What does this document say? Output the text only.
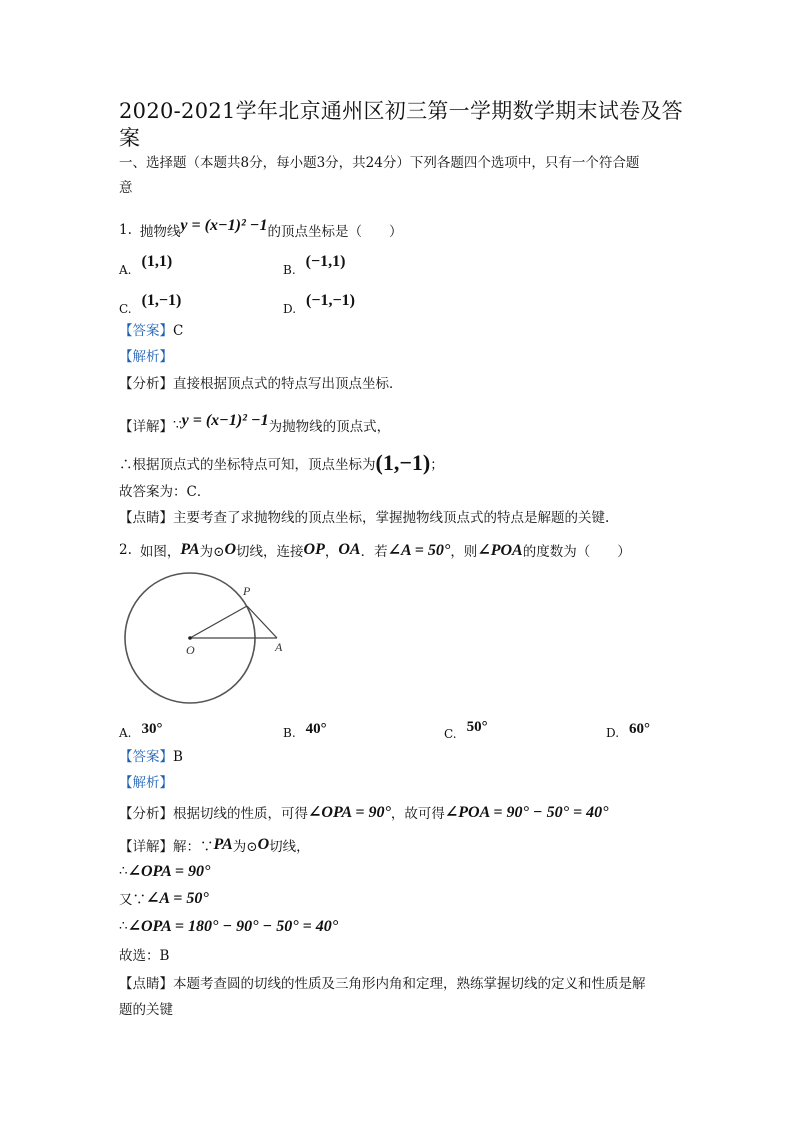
2020-2021学年北京通州区初三第一学期数学期末试卷及答
案
一、选择题（本题共8分，每小题3分，共24分）下列各题四个选项中，只有一个符合题
意
1. 抛物线 y = (x−1)² −1 的顶点坐标是（　　）
A. (1,1)	B. (−1,1)
C. (1,−1)	D. (−1,−1)
【答案】C
【解析】
【分析】直接根据顶点式的特点写出顶点坐标．
【详解】 ∵ y = (x−1)² −1 为抛物线的顶点式，
∴根据顶点式的坐标特点可知，顶点坐标为 (1,−1) ；
故答案为：C．
【点睛】主要考查了求抛物线的顶点坐标，掌握抛物线顶点式的特点是解题的关键.
2. 如图， PA 为⊙ O 切线，连接 OP ， OA ．若 ∠A = 50° ，则 ∠POA 的度数为（　　）
P
O	A
A. 30°	B. 40°	C. 50°	D. 60°
【答案】B
【解析】
【分析】 根据切线的性质，可得 ∠OPA = 90° ，故可得 ∠POA = 90° − 50° = 40°
【详解】 解：∵ PA 为⊙ O 切线，
∴ ∠OPA = 90°
又∵ ∠A = 50°
∴ ∠OPA = 180° − 90° − 50° = 40°
故选：B
【点睛】本题考查圆的切线的性质及三角形内角和定理，熟练掌握切线的定义和性质是解
题的关键
